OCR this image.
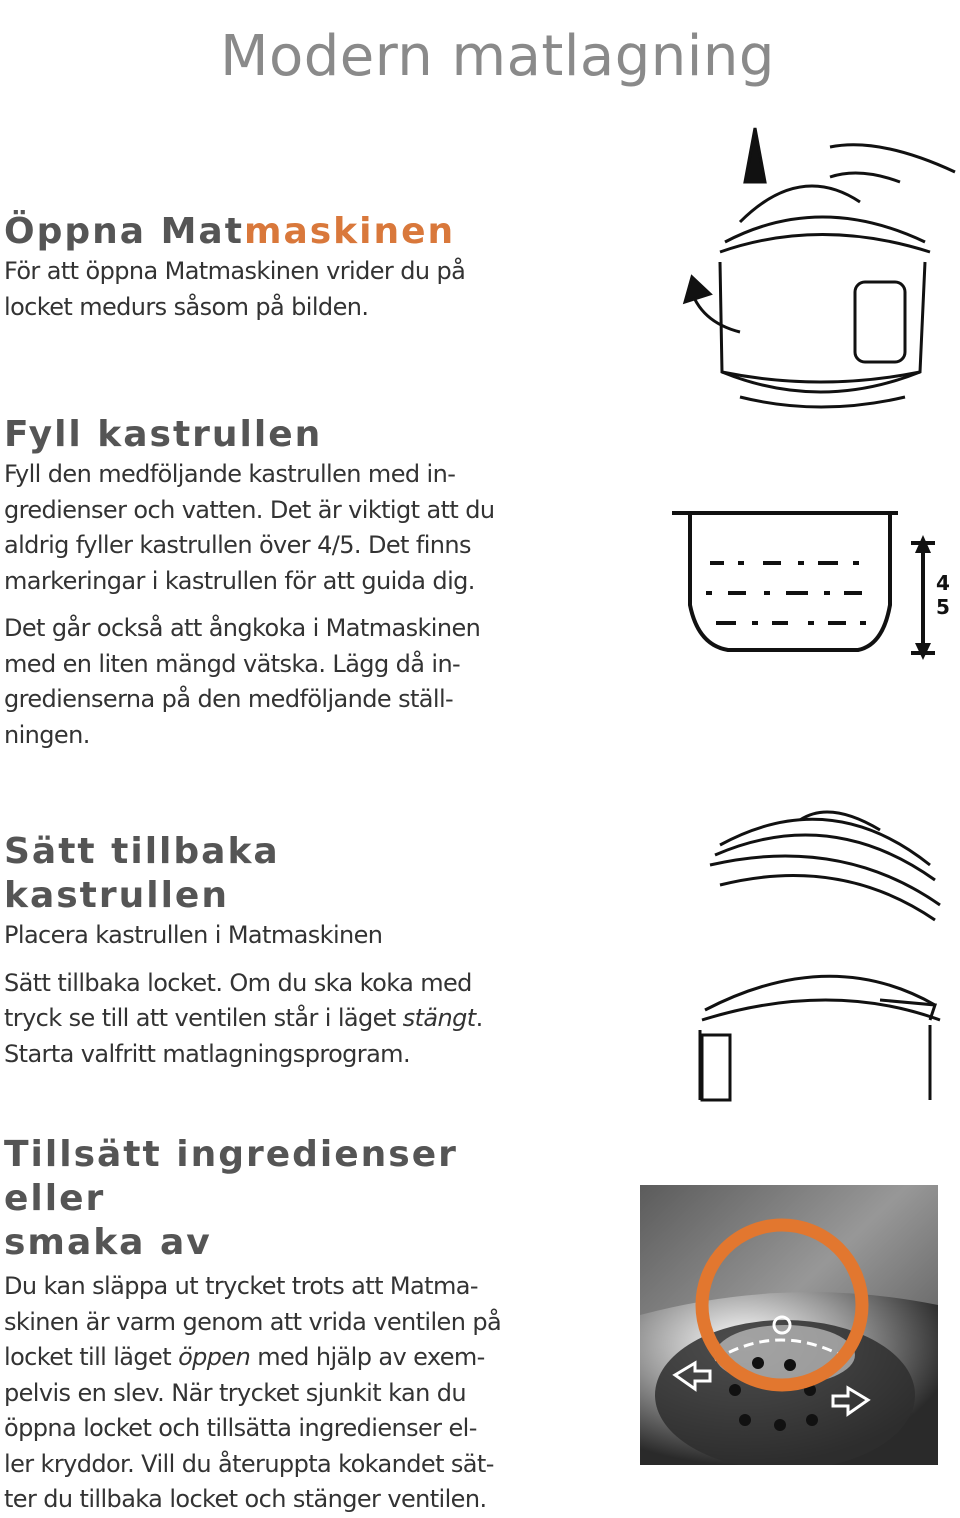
Modern matlagning
Öppna Matmaskinen

För att öppna Matmaskinen vrider du på
locket medurs såsom på bilden.

Fyll kastrullen

Fyll den medföljande kastrullen med in-
gredienser och vatten. Det är viktigt att du
aldrig fyller kastrullen över 4/5. Det finns
markeringar i kastrullen för att guida dig.

Det går också att ångkoka i Matmaskinen
med en liten mängd vätska. Lägg då in-
gredienserna på den medföljande ställ-
ningen.

4
5
Sätt tillbaka kastrullen

Placera kastrullen i Matmaskinen

Sätt tillbaka locket. Om du ska koka med
tryck se till att ventilen står i läget stängt.
Starta valfritt matlagningsprogram.

Tillsätt ingredienser eller
smaka av

Du kan släppa ut trycket trots att Matma-
skinen är varm genom att vrida ventilen på
locket till läget öppen med hjälp av exem-
pelvis en slev. När trycket sjunkit kan du
öppna locket och tillsätta ingredienser el-
ler kryddor. Vill du återuppta kokandet sät-
ter du tillbaka locket och stänger ventilen.
